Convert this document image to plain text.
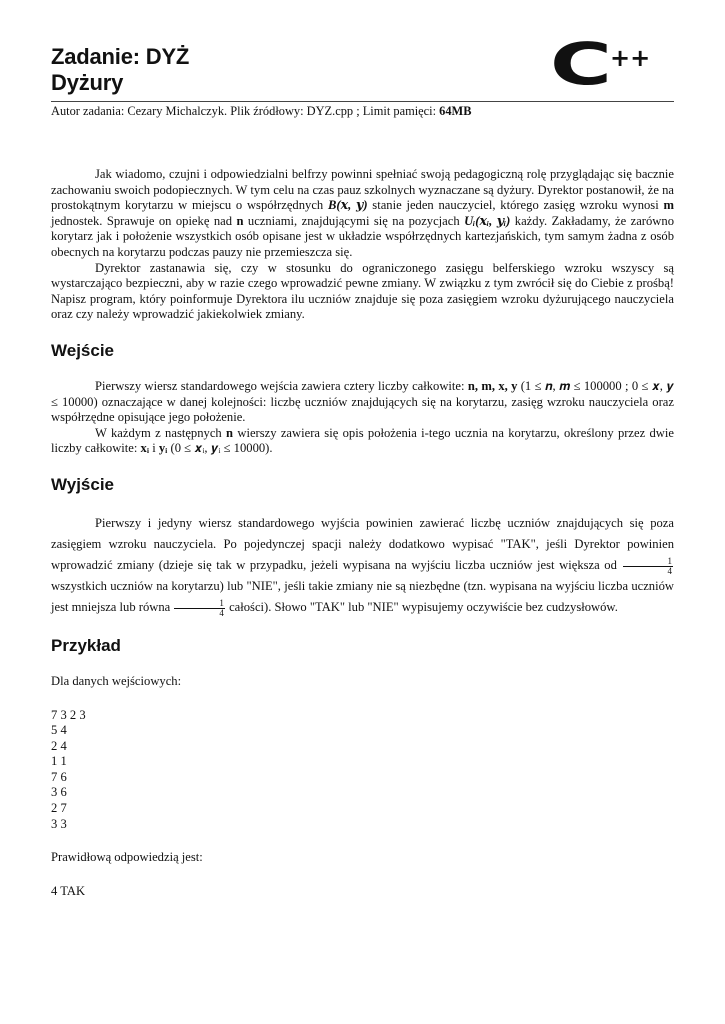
Zadanie: DYŻ
Dyżury	C
++
Autor zadania: Cezary Michalczyk. Plik źródłowy: DYZ.cpp ; Limit pamięci: 64MB

Jak wiadomo, czujni i odpowiedzialni belfrzy powinni spełniać swoją pedagogiczną rolę przyglądając się bacznie zachowaniu swoich podopiecznych. W tym celu na czas pauz szkolnych wyznaczane są dyżury. Dyrektor postanowił, że na prostokątnym korytarzu w miejscu o współrzędnych B(𝒙, 𝒚) stanie jeden nauczyciel, którego zasięg wzroku wynosi m jednostek. Sprawuje on opiekę nad n uczniami, znajdującymi się na pozycjach Uᵢ(𝒙ᵢ, 𝒚ᵢ) każdy. Zakładamy, że zarówno korytarz jak i położenie wszystkich osób opisane jest w układzie współrzędnych kartezjańskich, tym samym żadna z osób obecnych na korytarzu podczas pauzy nie przemieszcza się.

Dyrektor zastanawia się, czy w stosunku do ograniczonego zasięgu belferskiego wzroku wszyscy są wystarczająco bezpieczni, aby w razie czego wprowadzić pewne zmiany. W związku z tym zwrócił się do Ciebie z prośbą! Napisz program, który poinformuje Dyrektora ilu uczniów znajduje się poza zasięgiem wzroku dyżurującego nauczyciela oraz czy należy wprowadzić jakiekolwiek zmiany.

Wejście

Pierwszy wiersz standardowego wejścia zawiera cztery liczby całkowite: n, m, x, y (1 ≤ 𝒏, 𝒎 ≤ 100000 ; 0 ≤ 𝒙, 𝒚 ≤ 10000) oznaczające w danej kolejności: liczbę uczniów znajdujących się na korytarzu, zasięg wzroku nauczyciela oraz współrzędne opisujące jego położenie.

W każdym z następnych n wierszy zawiera się opis położenia i-tego ucznia na korytarzu, określony przez dwie liczby całkowite: xᵢ i yᵢ (0 ≤ 𝒙ᵢ, 𝒚ᵢ ≤ 10000).

Wyjście

Pierwszy i jedyny wiersz standardowego wyjścia powinien zawierać liczbę uczniów znajdujących się poza zasięgiem wzroku nauczyciela. Po pojedynczej spacji należy dodatkowo wypisać "TAK", jeśli Dyrektor powinien wprowadzić zmiany (dzieje się tak w przypadku, jeżeli wypisana na wyjściu liczba uczniów jest większa od $\frac{1}{4}$
wszystkich uczniów na korytarzu) lub "NIE", jeśli takie zmiany nie są niezbędne (tzn. wypisana na wyjściu liczba uczniów jest mniejsza lub równa $\frac{1}{4}$ całości). Słowo "TAK" lub "NIE" wypisujemy oczywiście bez cudzysłowów.

Przykład

Dla danych wejściowych:

7 3 2 3
5 4
2 4
1 1
7 6
3 6
2 7
3 3

Prawidłową odpowiedzią jest:

4 TAK
